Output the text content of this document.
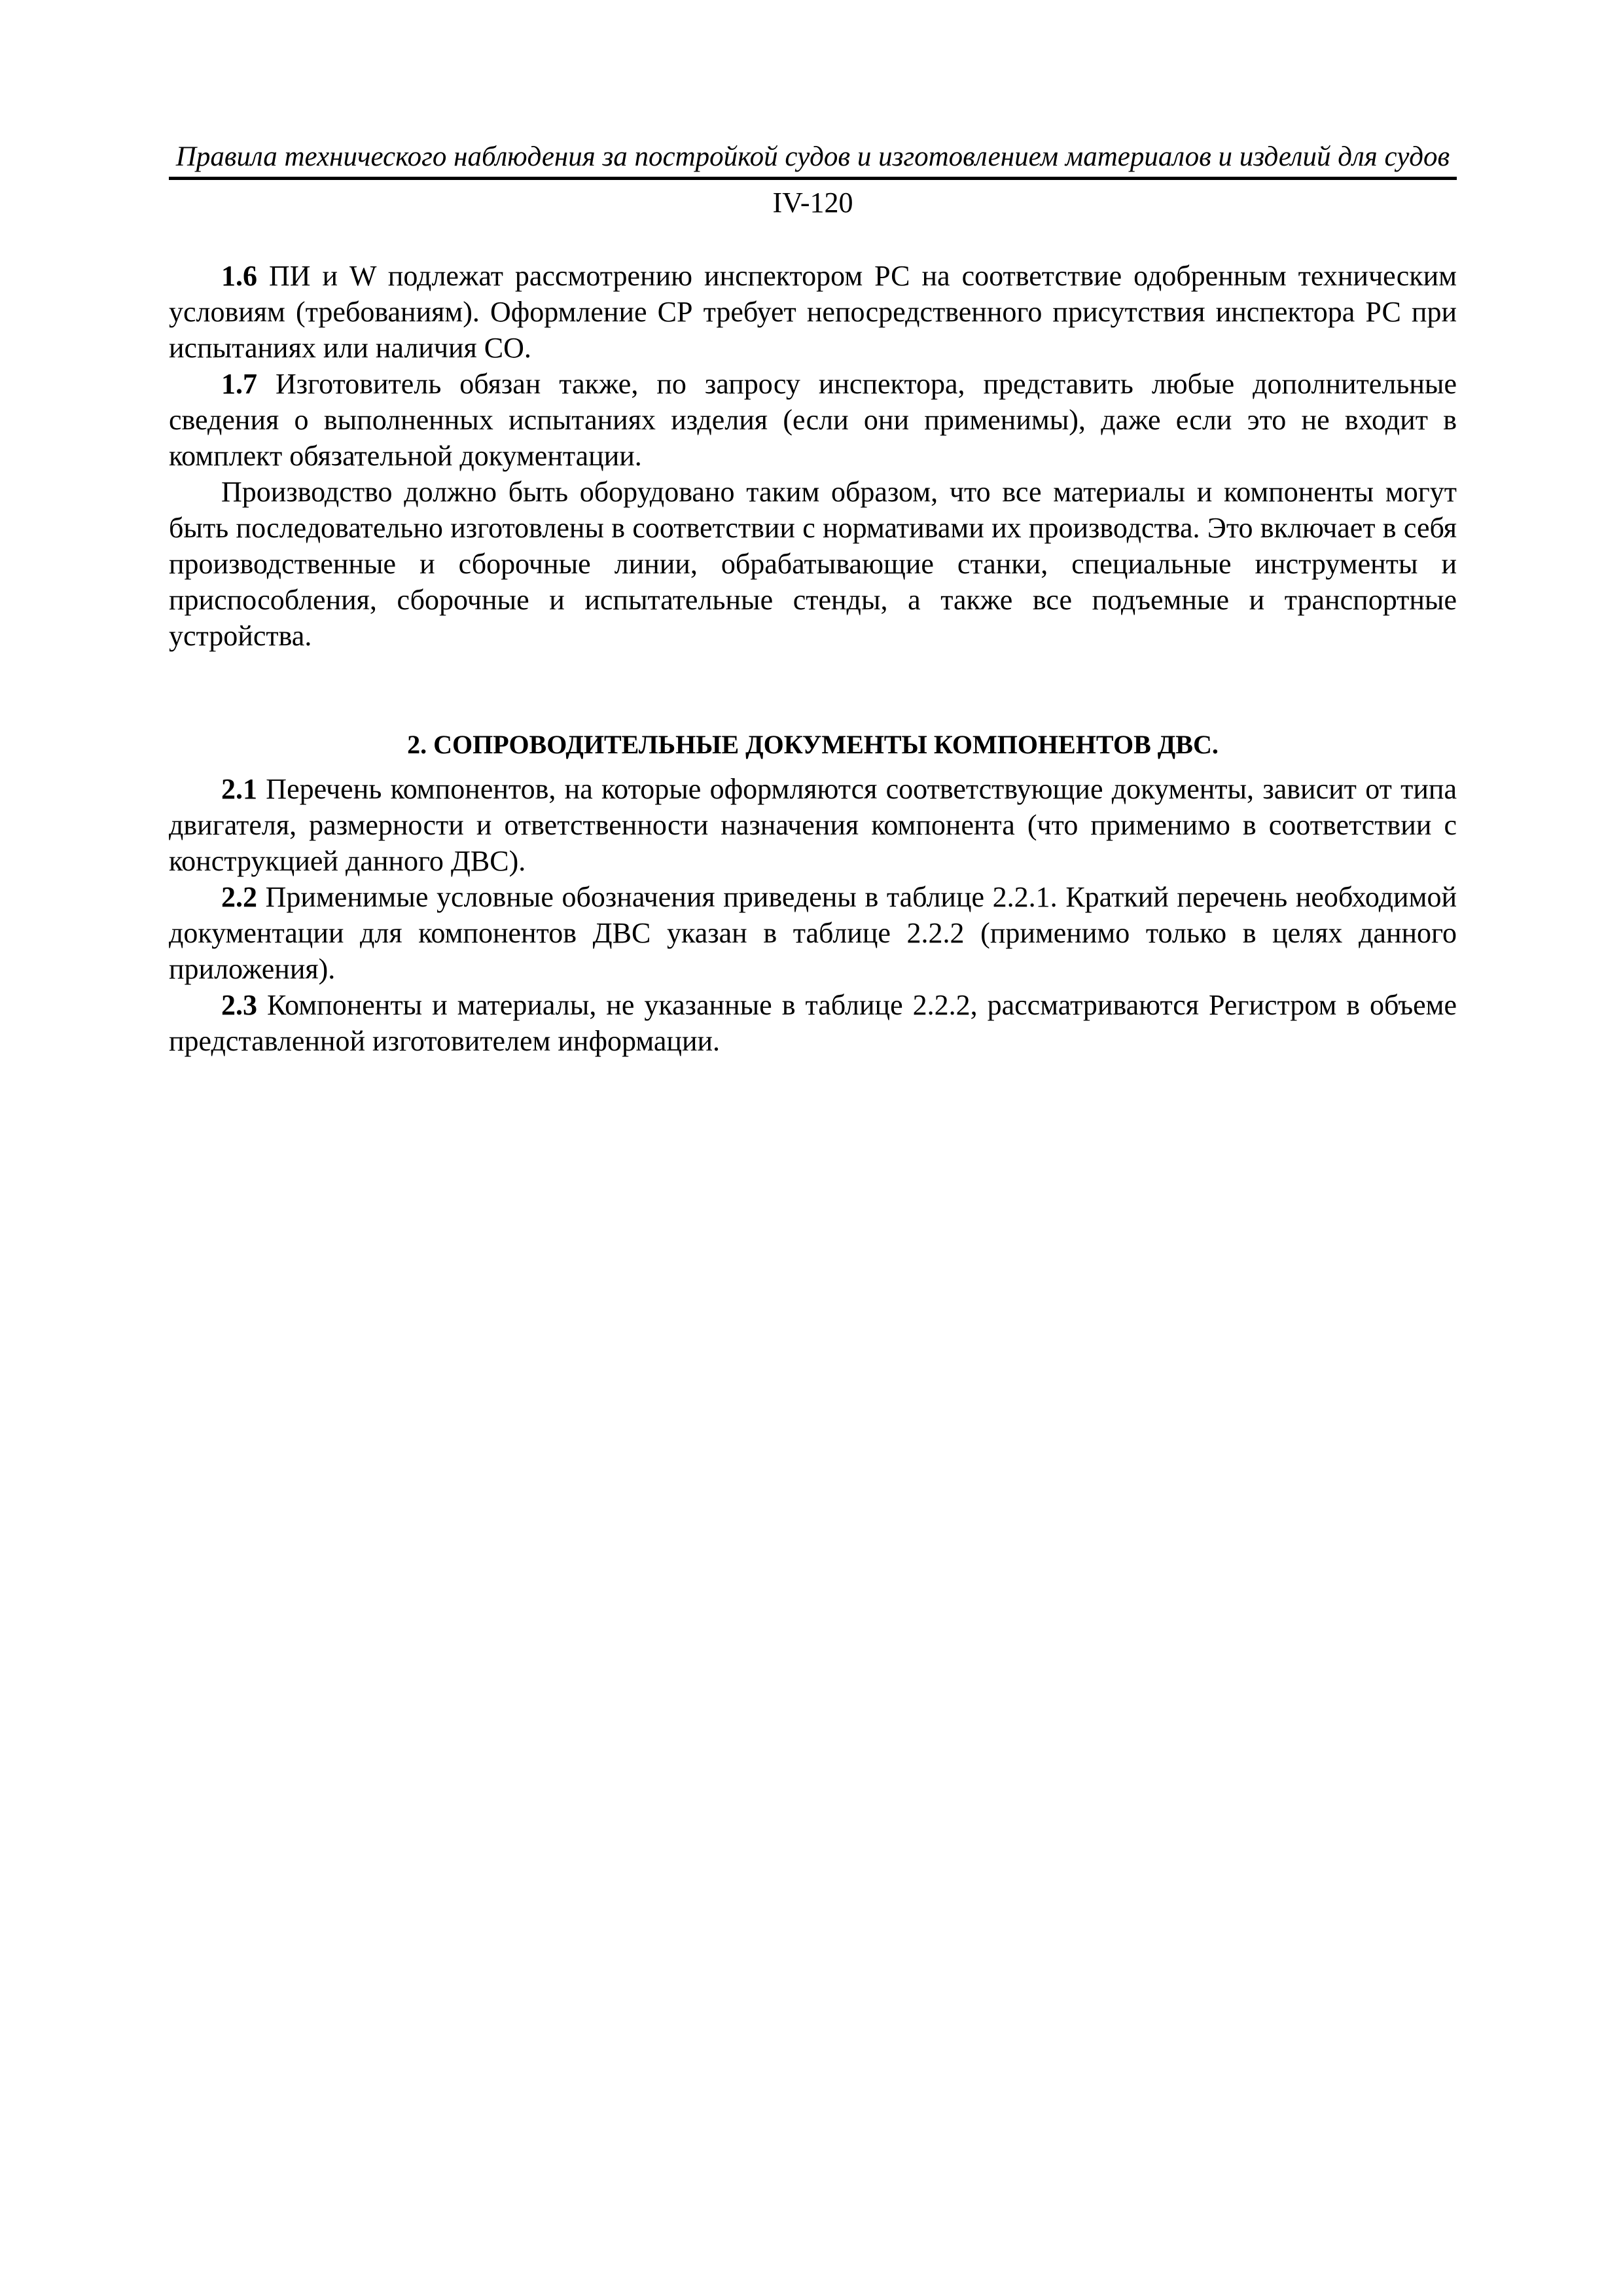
Правила технического наблюдения за постройкой судов и изготовлением материалов и изделий для судов
IV-120

1.6 ПИ и W подлежат рассмотрению инспектором РС на соответствие одобренным техническим условиям (требованиям). Оформление СР требует непосредственного присутствия инспектора РС при испытаниях или наличия СО.

1.7 Изготовитель обязан также, по запросу инспектора, представить любые дополнительные сведения о выполненных испытаниях изделия (если они применимы), даже если это не входит в комплект обязательной документации.

Производство должно быть оборудовано таким образом, что все материалы и компоненты могут быть последовательно изготовлены в соответствии с нормативами их производства. Это включает в себя производственные и сборочные линии, обрабатывающие станки, специальные инструменты и приспособления, сборочные и испытательные стенды, а также все подъемные и транспортные устройства.

2. СОПРОВОДИТЕЛЬНЫЕ ДОКУМЕНТЫ КОМПОНЕНТОВ ДВС.

2.1 Перечень компонентов, на которые оформляются соответствующие документы, зависит от типа двигателя, размерности и ответственности назначения компонента (что применимо в соответствии с конструкцией данного ДВС).

2.2 Применимые условные обозначения приведены в таблице 2.2.1. Краткий перечень необходимой документации для компонентов ДВС указан в таблице 2.2.2 (применимо только в целях данного приложения).

2.3 Компоненты и материалы, не указанные в таблице 2.2.2, рассматриваются Регистром в объеме представленной изготовителем информации.
